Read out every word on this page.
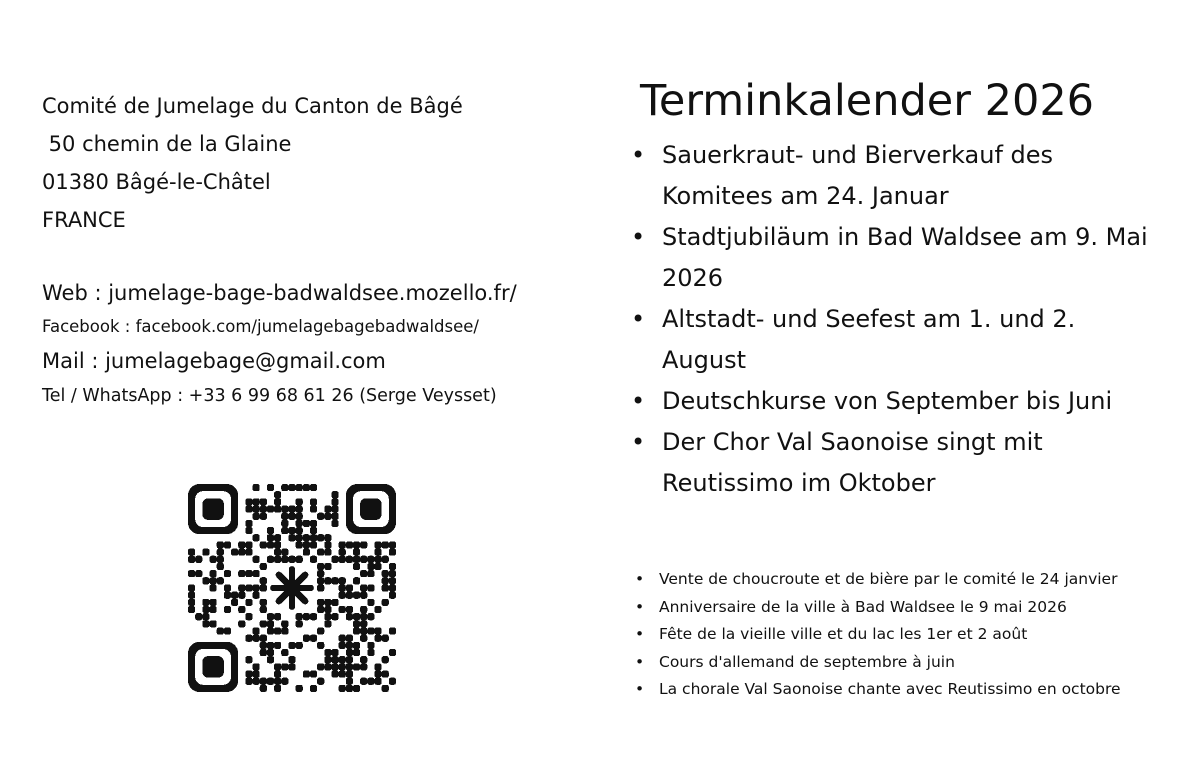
Comité de Jumelage du Canton de Bâgé
50 chemin de la Glaine
01380 Bâgé-le-Châtel
FRANCE
Web : jumelage-bage-badwaldsee.mozello.fr/
Facebook : facebook.com/jumelagebagebadwaldsee/
Mail : jumelagebage@gmail.com
Tel / WhatsApp : +33 6 99 68 61 26 (Serge Veysset)
Terminkalender 2026
• Sauerkraut- und Bierverkauf des Komitees am 24. Januar
• Stadtjubiläum in Bad Waldsee am 9. Mai 2026
• Altstadt- und Seefest am 1. und 2. August
• Deutschkurse von September bis Juni
• Der Chor Val Saonoise singt mit Reutissimo im Oktober
• Vente de choucroute et de bière par le comité le 24 janvier
• Anniversaire de la ville à Bad Waldsee le 9 mai 2026
• Fête de la vieille ville et du lac les 1er et 2 août
• Cours d'allemand de septembre à juin
• La chorale Val Saonoise chante avec Reutissimo en octobre
